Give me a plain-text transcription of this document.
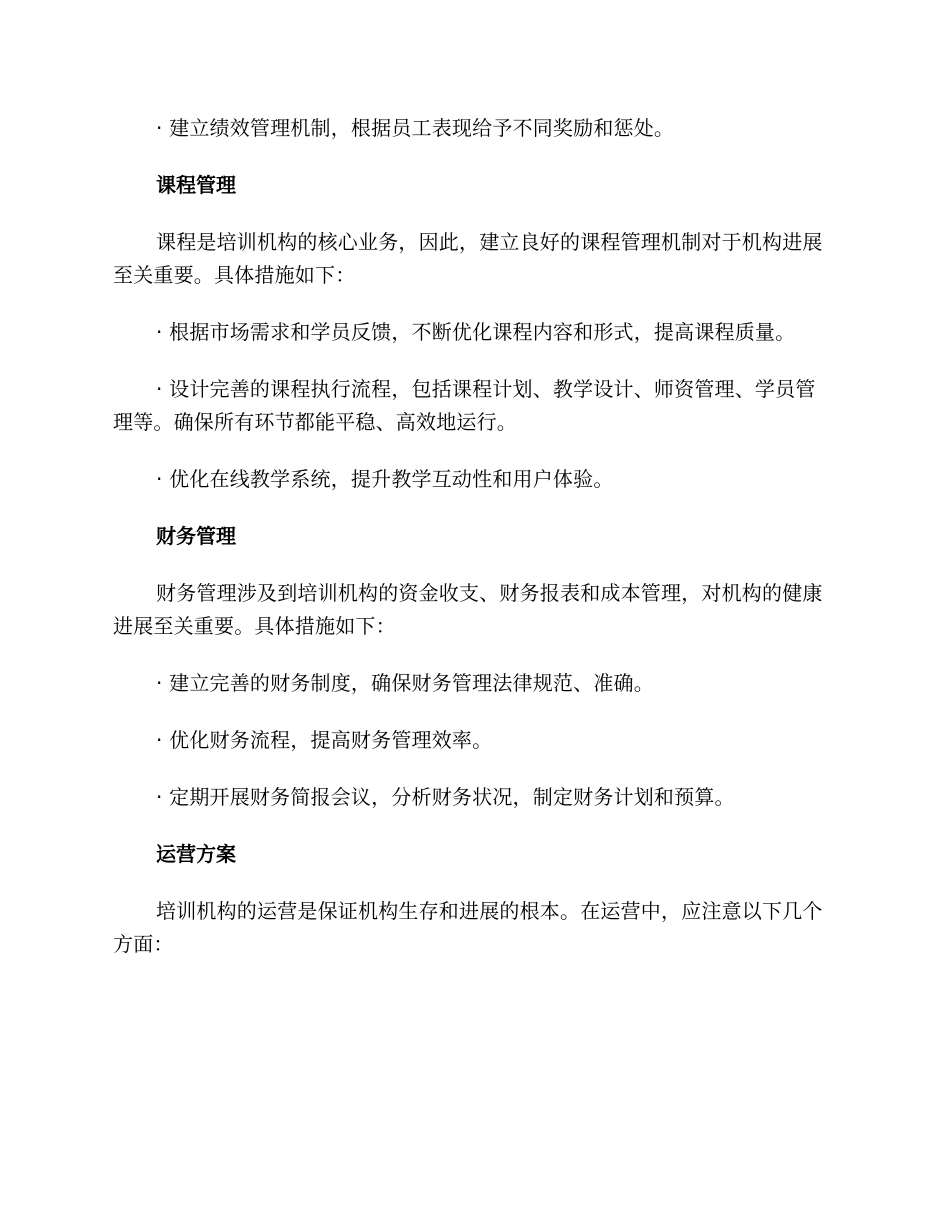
· 建立绩效管理机制，根据员工表现给予不同奖励和惩处。

课程管理

课程是培训机构的核心业务，因此，建立良好的课程管理机制对于机构进展至关重要。具体措施如下：

· 根据市场需求和学员反馈，不断优化课程内容和形式，提高课程质量。

· 设计完善的课程执行流程，包括课程计划、教学设计、师资管理、学员管理等。确保所有环节都能平稳、高效地运行。

· 优化在线教学系统，提升教学互动性和用户体验。

财务管理

财务管理涉及到培训机构的资金收支、财务报表和成本管理，对机构的健康进展至关重要。具体措施如下：

· 建立完善的财务制度，确保财务管理法律规范、准确。

· 优化财务流程，提高财务管理效率。

· 定期开展财务简报会议，分析财务状况，制定财务计划和预算。

运营方案

培训机构的运营是保证机构生存和进展的根本。在运营中，应注意以下几个方面：
